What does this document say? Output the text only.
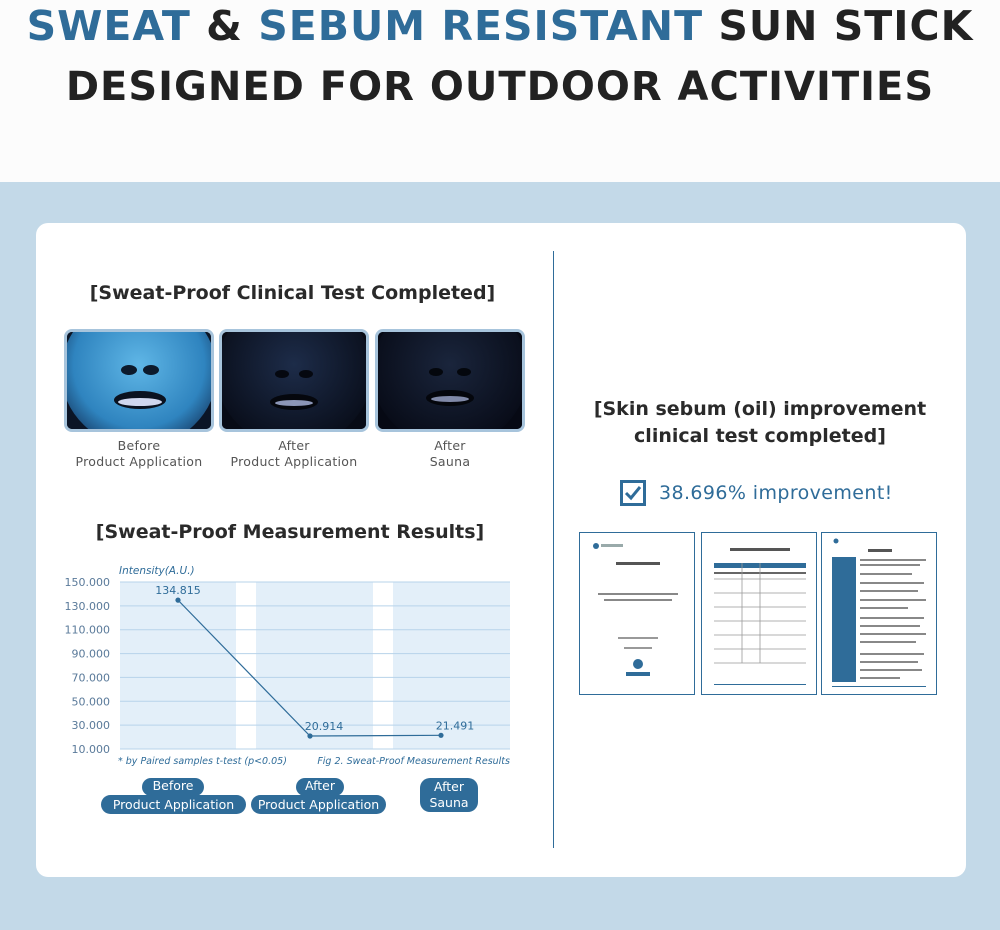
SWEAT & SEBUM RESISTANT SUN STICK
DESIGNED FOR OUTDOOR ACTIVITIES
[Sweat-Proof Clinical Test Completed]
Before
Product Application
After
Product Application
After
Sauna
[Sweat-Proof Measurement Results]
150.000
130.000
110.000
90.000
70.000
50.000
30.000
10.000
Intensity(A.U.)
134.815
20.914	21.491
* by Paired samples t-test (p<0.05)	Fig 2. Sweat-Proof Measurement Results
Before
Product Application
After
Product Application
After
Sauna
[Skin sebum (oil) improvement
clinical test completed]
38.696% improvement!
